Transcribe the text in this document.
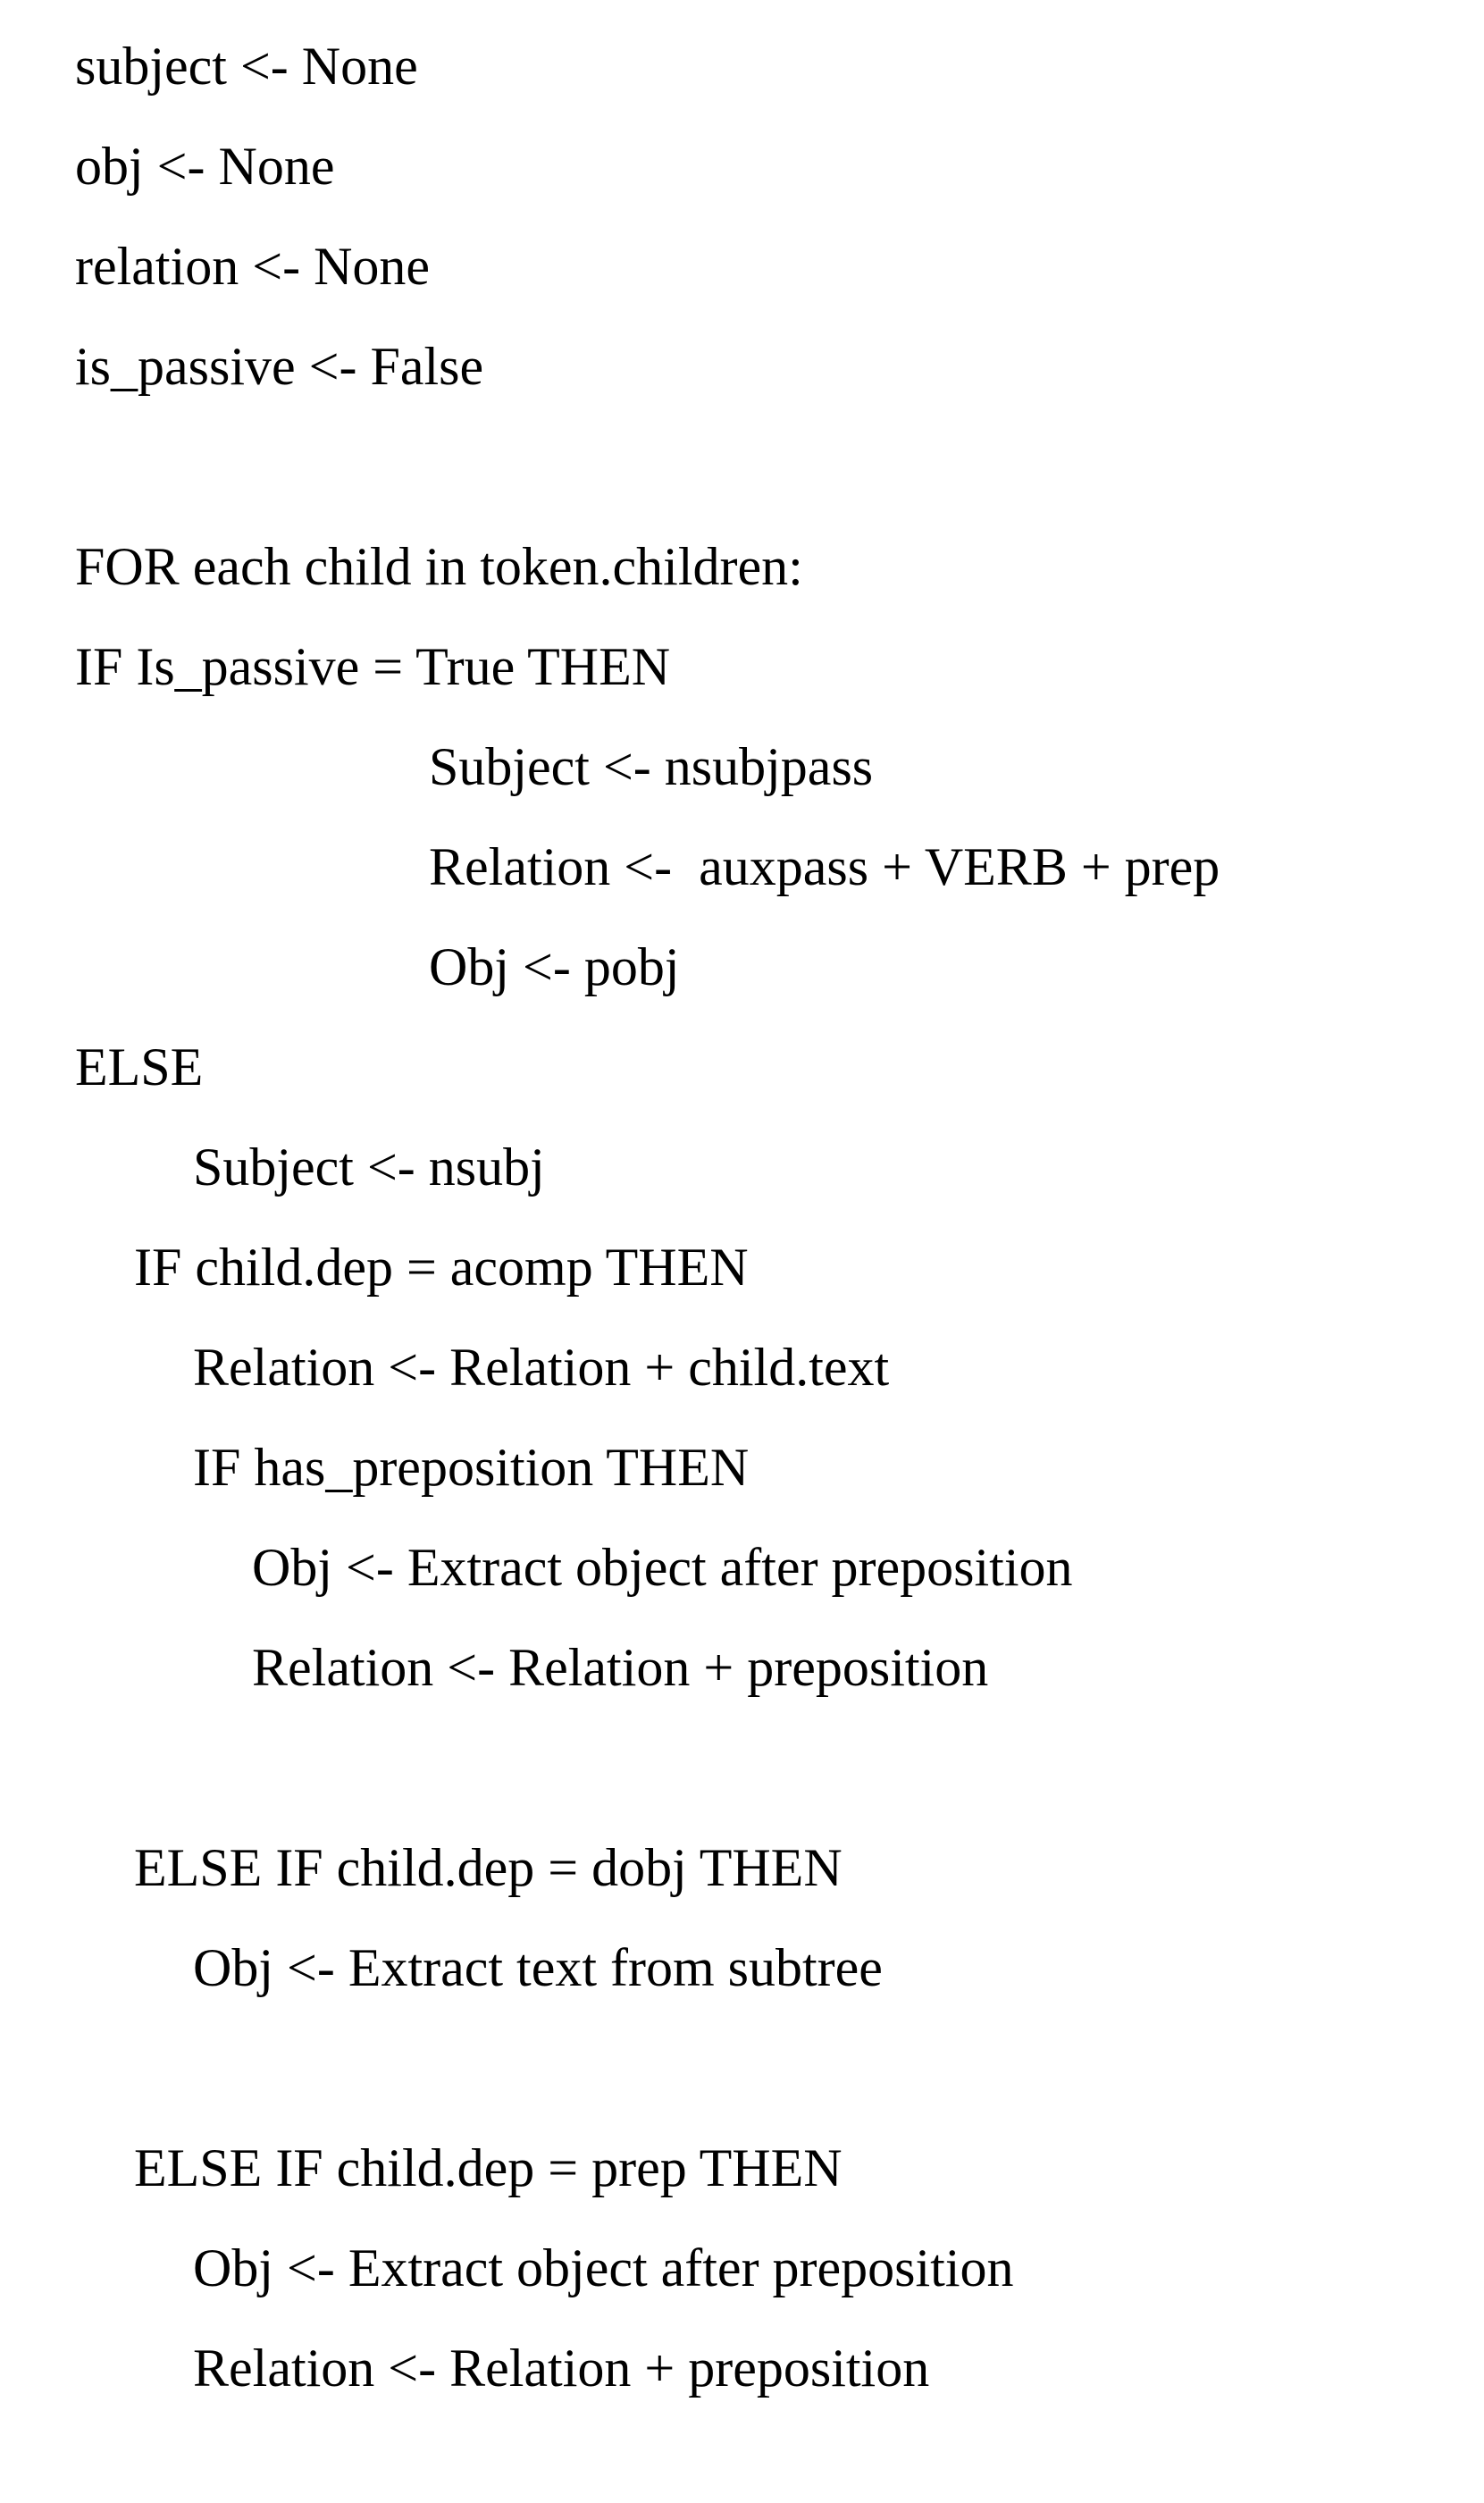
subject <- None
obj <- None
relation <- None
is_passive <- False
FOR each child in token.children:
IF Is_passive = True THEN
Subject <- nsubjpass
Relation <-  auxpass + VERB + prep
Obj <- pobj
ELSE
Subject <- nsubj
IF child.dep = acomp THEN
Relation <- Relation + child.text
IF has_preposition THEN
Obj <- Extract object after preposition
Relation <- Relation + preposition
ELSE IF child.dep = dobj THEN
Obj <- Extract text from subtree
ELSE IF child.dep = prep THEN
Obj <- Extract object after preposition
Relation <- Relation + preposition
